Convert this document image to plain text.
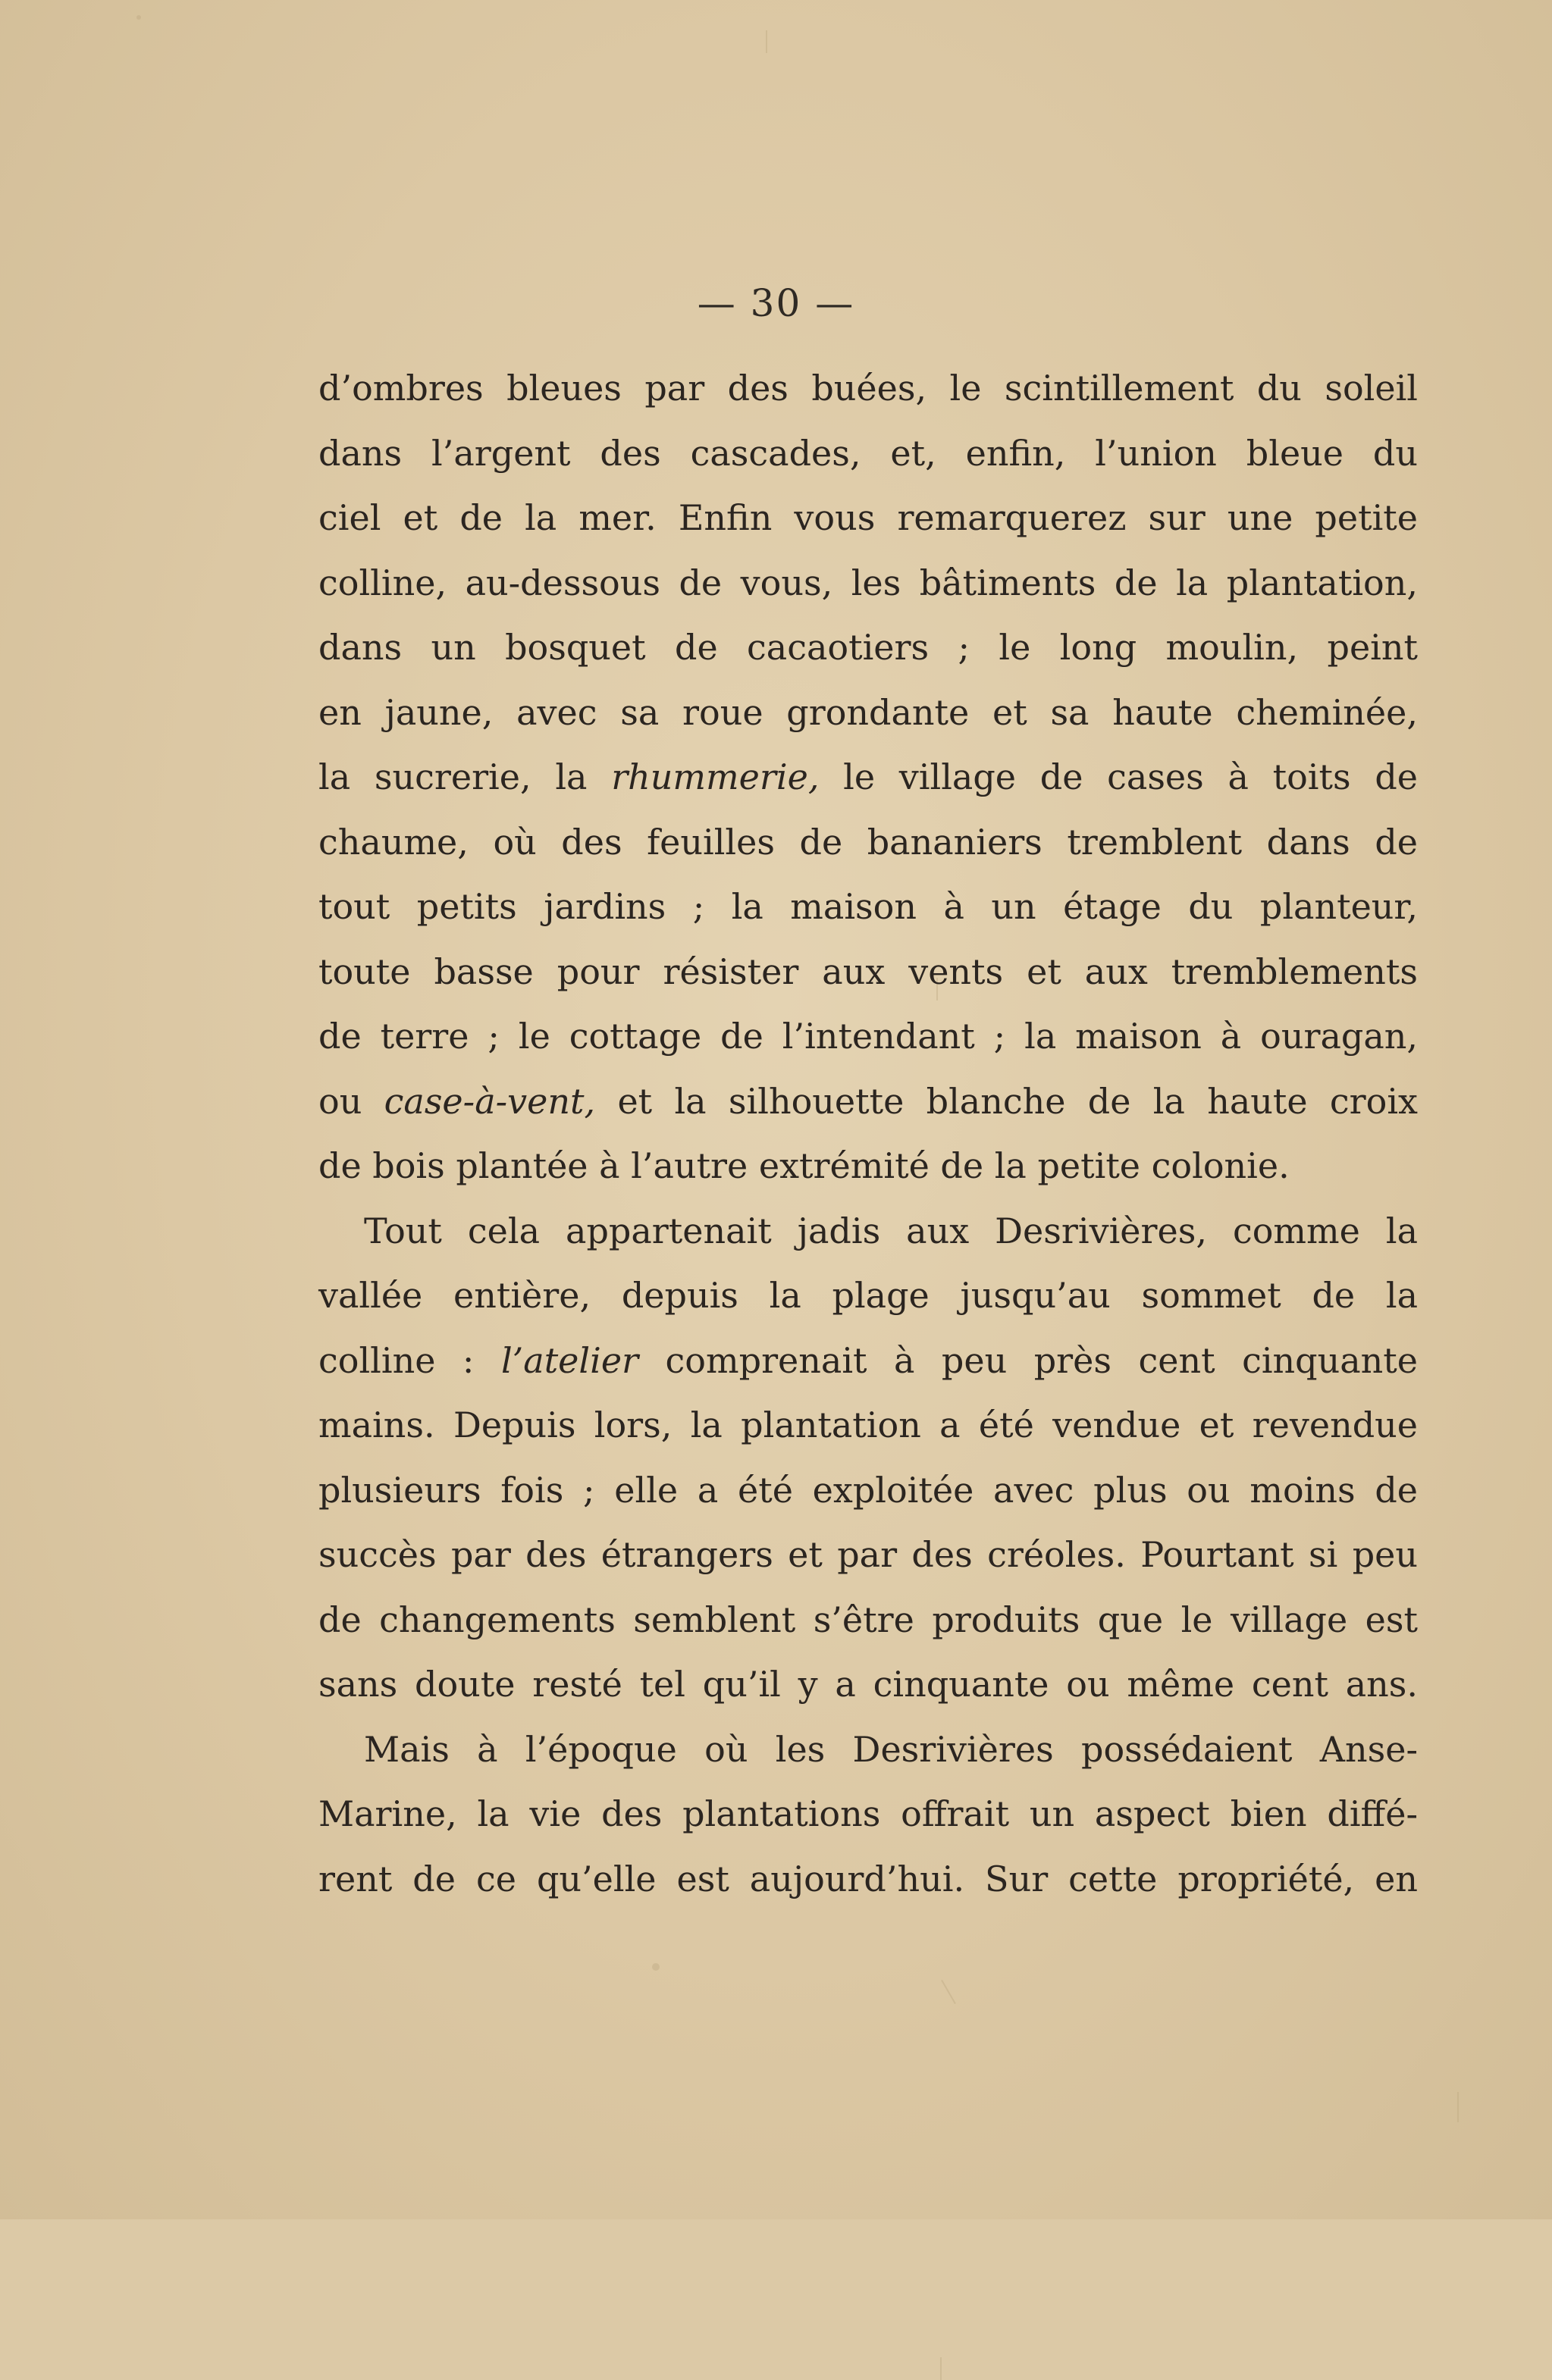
— 30 —
d’ombres bleues par des buées, le scintillement du soleil
dans l’argent des cascades, et, enfin, l’union bleue du
ciel et de la mer. Enfin vous remarquerez sur une petite
colline, au-dessous de vous, les bâtiments de la plantation,
dans un bosquet de cacaotiers ; le long moulin, peint
en jaune, avec sa roue grondante et sa haute cheminée,
la sucrerie, la rhummerie, le village de cases à toits de
chaume, où des feuilles de bananiers tremblent dans de
tout petits jardins ; la maison à un étage du planteur,
toute basse pour résister aux vents et aux tremblements
de terre ; le cottage de l’intendant ; la maison à ouragan,
ou case-à-vent, et la silhouette blanche de la haute croix
de bois plantée à l’autre extrémité de la petite colonie.
Tout cela appartenait jadis aux Desrivières, comme la
vallée entière, depuis la plage jusqu’au sommet de la
colline : l’atelier comprenait à peu près cent cinquante
mains. Depuis lors, la plantation a été vendue et revendue
plusieurs fois ; elle a été exploitée avec plus ou moins de
succès par des étrangers et par des créoles. Pourtant si peu
de changements semblent s’être produits que le village est
sans doute resté tel qu’il y a cinquante ou même cent ans.
Mais à l’époque où les Desrivières possédaient Anse-
Marine, la vie des plantations offrait un aspect bien diffé-
rent de ce qu’elle est aujourd’hui. Sur cette propriété, en
